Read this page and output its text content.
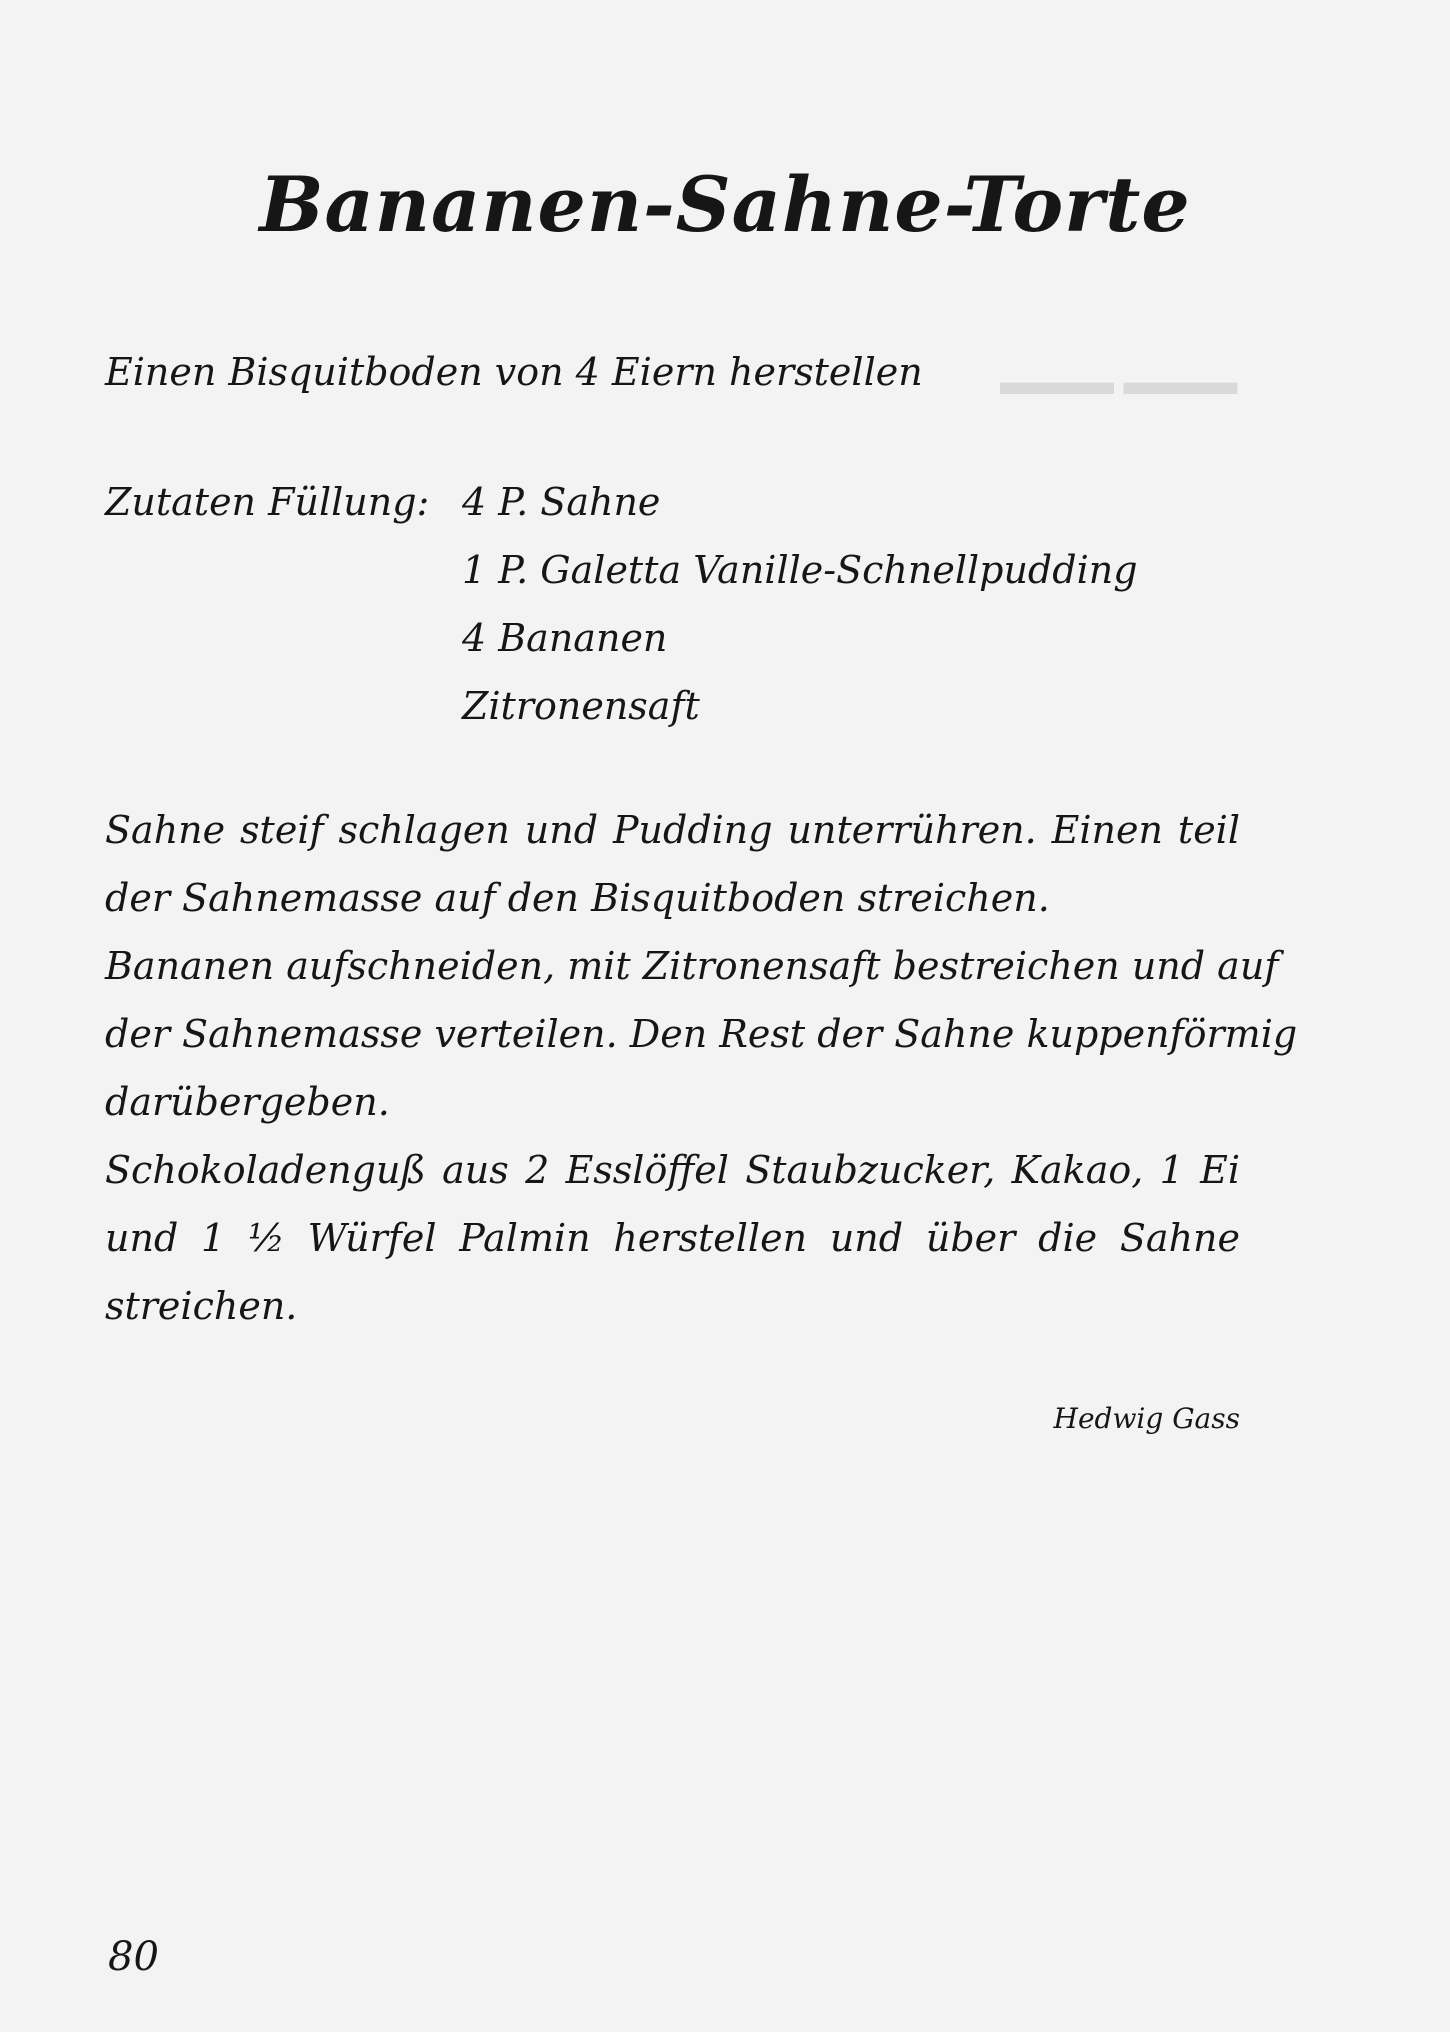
▬▬▬ ▬▬▬
Bananen-Sahne-Torte
Einen Bisquitboden von 4 Eiern herstellen
Zutaten Füllung: 4 P. Sahne
1 P. Galetta Vanille-Schnellpudding
4 Bananen
Zitronensaft
Sahne steif schlagen und Pudding unterrühren. Einen teil
der Sahnemasse auf den Bisquitboden streichen.
Bananen aufschneiden, mit Zitronensaft bestreichen und auf
der Sahnemasse verteilen. Den Rest der Sahne kuppenförmig
darübergeben.
Schokoladenguß aus 2 Esslöffel Staubzucker, Kakao, 1 Ei
und 1 ½ Würfel Palmin herstellen und über die Sahne
streichen.
Hedwig Gass
80
